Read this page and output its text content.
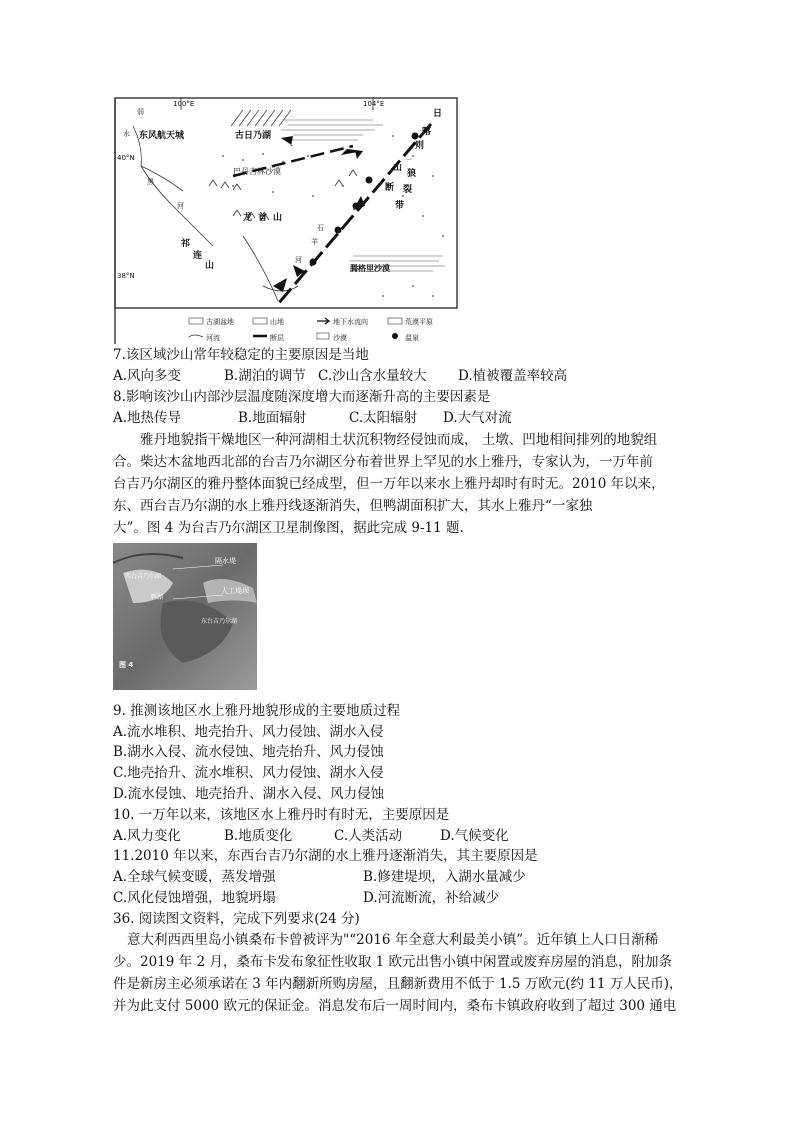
100°E	104°E
40°N
38°N
东风航天城	古日乃湖
巴丹吉林沙漠
龙 首 山
祁
连
山	腾格里沙漠
弱
水
黑
河
日
喀
则
一
狼
山
断 裂
带
石
羊
河
古湖盆地	山地	地下水流向	荒漠平原
河流	断层	沙漠	温泉
7.该区域沙山常年较稳定的主要原因是当地
A.风向多变	B.湖泊的调节 C.沙山含水量较大 D.植被覆盖率较高
8.影响该沙山内部沙层温度随深度增大而逐渐升高的主要因素是
A.地热传导	B.地面辐射	C.太阳辐射 D.大气对流
雅丹地貌指干燥地区一种河湖相土状沉积物经侵蚀而成， 土墩、凹地相间排列的地貌组
合。柴达木盆地西北部的台吉乃尔湖区分布着世界上罕见的水上雅丹，专家认为，一万年前
台吉乃尔湖区的雅丹整体面貌已经成型，但一万年以来水上雅丹却时有时无。2010 年以来，
东、西台吉乃尔湖的水上雅丹线逐渐消失，但鸭湖面积扩大，其水上雅丹“一家独
大”。图 4 为台吉乃尔湖区卫星制像图，据此完成 9-11 题.
西台吉乃尔湖
隔水堤
鸭湖
人工堤坝
东台吉乃尔湖
图 4
9. 推测该地区水上雅丹地貌形成的主要地质过程
A.流水堆积、地壳抬升、风力侵蚀、湖水入侵
B.湖水入侵、流水侵蚀、地壳抬升、风力侵蚀
C.地壳抬升、流水堆积、风力侵蚀、湖水入侵
D.流水侵蚀、地壳抬升、湖水入侵、风力侵蚀
10. 一万年以来，该地区水上雅丹时有时无，主要原因是
A.风力变化	B.地质变化	C.人类活动	D.气候变化
11.2010 年以来，东西台吉乃尔湖的水上雅丹逐渐消失，其主要原因是
A.全球气候变暖，蒸发增强	B.修建堤坝，入湖水量减少
C.风化侵蚀增强，地貌坍塌	D.河流断流，补给减少
36. 阅读图文资料，完成下列要求(24 分)
意大利西西里岛小镇桑布卡曾被评为"“2016 年全意大利最美小镇”。近年镇上人口日渐稀
少。2019 年 2 月，桑布卡发布象征性收取 1 欧元出售小镇中闲置或废弃房屋的消息，附加条
件是新房主必须承诺在 3 年内翻新所购房屋，且翻新费用不低于 1.5 万欧元(约 11 万人民币)，
并为此支付 5000 欧元的保证金。消息发布后一周时间内，桑布卡镇政府收到了超过 300 通电
